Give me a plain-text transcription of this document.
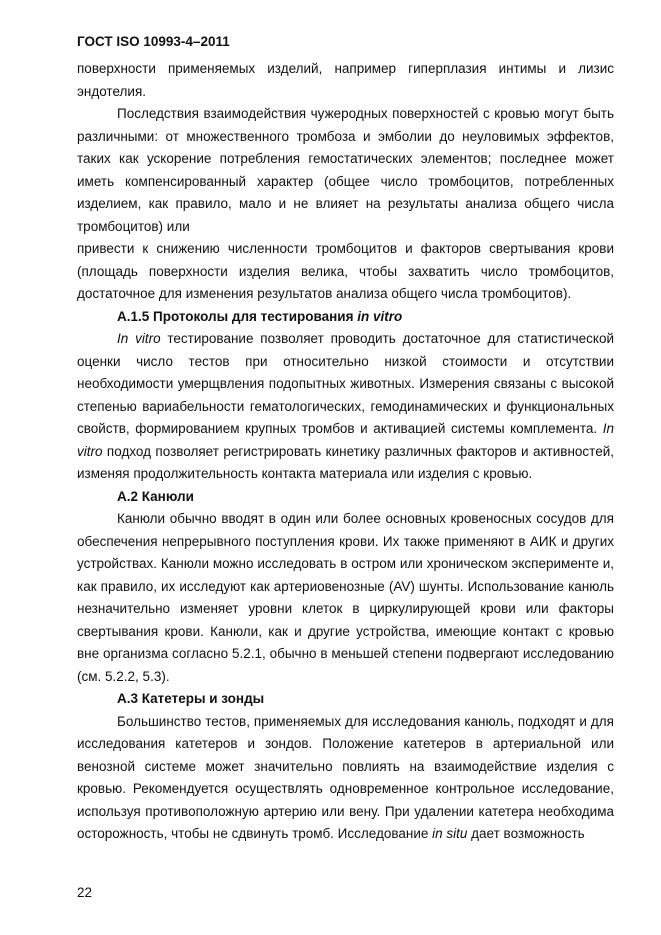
ГОСТ ISO 10993-4–2011

поверхности применяемых изделий, например гиперплазия интимы и лизис эндотелия.

Последствия взаимодействия чужеродных поверхностей с кровью могут быть различными: от множественного тромбоза и эмболии до неуловимых эффектов, таких как ускорение потребления гемостатических элементов; последнее может иметь компенсированный характер (общее число тромбоцитов, потребленных изделием, как правило, мало и не влияет на результаты анализа общего числа тромбоцитов) или

привести к снижению численности тромбоцитов и факторов свертывания крови (площадь поверхности изделия велика, чтобы захватить число тромбоцитов, достаточное для изменения результатов анализа общего числа тромбоцитов).

А.1.5 Протоколы для тестирования in vitro

In vitro тестирование позволяет проводить достаточное для статистической оценки число тестов при относительно низкой стоимости и отсутствии необходимости умерщвления подопытных животных. Измерения связаны с высокой степенью вариабельности гематологических, гемодинамических и функциональных свойств, формированием крупных тромбов и активацией системы комплемента. In vitro подход позволяет регистрировать кинетику различных факторов и активностей, изменяя продолжительность контакта материала или изделия с кровью.

А.2 Канюли

Канюли обычно вводят в один или более основных кровеносных сосудов для обеспечения непрерывного поступления крови. Их также применяют в АИК и других устройствах. Канюли можно исследовать в остром или хроническом эксперименте и, как правило, их исследуют как артериовенозные (AV) шунты. Использование канюль незначительно изменяет уровни клеток в циркулирующей крови или факторы свертывания крови. Канюли, как и другие устройства, имеющие контакт с кровью вне организма согласно 5.2.1, обычно в меньшей степени подвергают исследованию (см. 5.2.2, 5.3).

А.3 Катетеры и зонды

Большинство тестов, применяемых для исследования канюль, подходят и для исследования катетеров и зондов. Положение катетеров в артериальной или венозной системе может значительно повлиять на взаимодействие изделия с кровью. Рекомендуется осуществлять одновременное контрольное исследование, используя противоположную артерию или вену. При удалении катетера необходима осторожность, чтобы не сдвинуть тромб. Исследование in situ дает возможность

22
